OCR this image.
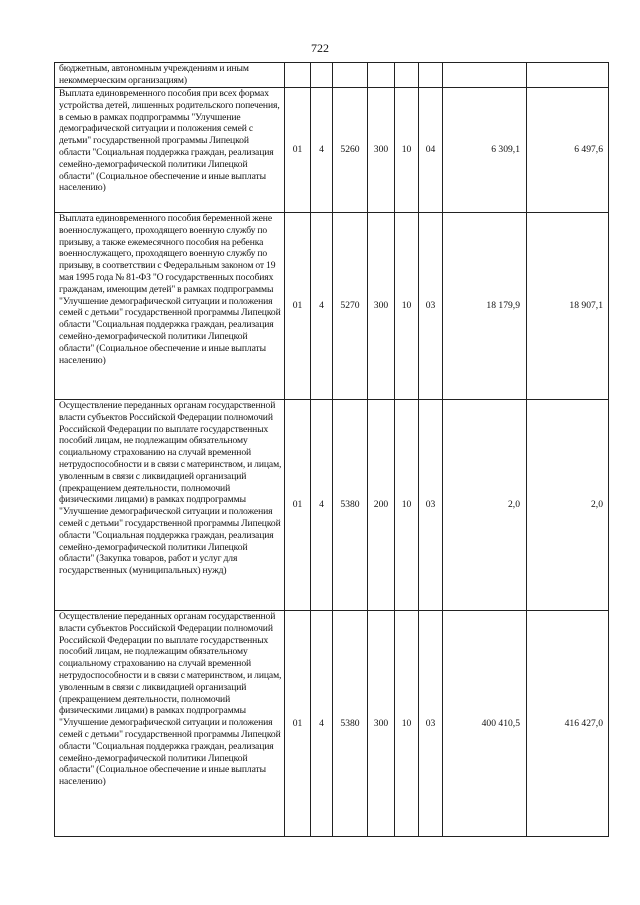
722
бюджетным, автономным учреждениям и иным некоммерческим организациям)								
Выплата единовременного пособия при всех формах устройства детей, лишенных родительского попечения, в семью в рамках подпрограммы "Улучшение демографической ситуации и положения семей с детьми" государственной программы Липецкой области "Социальная поддержка граждан, реализация семейно-демографической политики Липецкой области" (Социальное обеспечение и иные выплаты населению)	01	4	5260	300	10	04	6 309,1	6 497,6
Выплата единовременного пособия беременной жене военнослужащего, проходящего военную службу по призыву, а также ежемесячного пособия на ребенка военнослужащего, проходящего военную службу по призыву, в соответствии с Федеральным законом от 19 мая 1995 года № 81-ФЗ "О государственных пособиях гражданам, имеющим детей" в рамках подпрограммы "Улучшение демографической ситуации и положения семей с детьми" государственной программы Липецкой области "Социальная поддержка граждан, реализация семейно-демографической политики Липецкой области" (Социальное обеспечение и иные выплаты населению)	01	4	5270	300	10	03	18 179,9	18 907,1
Осуществление переданных органам государственной власти субъектов Российской Федерации полномочий Российской Федерации по выплате государственных пособий лицам, не подлежащим обязательному социальному страхованию на случай временной нетрудоспособности и в связи с материнством, и лицам, уволенным в связи с ликвидацией организаций (прекращением деятельности, полномочий физическими лицами) в рамках подпрограммы "Улучшение демографической ситуации и положения семей с детьми" государственной программы Липецкой области "Социальная поддержка граждан, реализация семейно-демографической политики Липецкой области" (Закупка товаров, работ и услуг для государственных (муниципальных) нужд)	01	4	5380	200	10	03	2,0	2,0
Осуществление переданных органам государственной власти субъектов Российской Федерации полномочий Российской Федерации по выплате государственных пособий лицам, не подлежащим обязательному социальному страхованию на случай временной нетрудоспособности и в связи с материнством, и лицам, уволенным в связи с ликвидацией организаций (прекращением деятельности, полномочий физическими лицами) в рамках подпрограммы "Улучшение демографической ситуации и положения семей с детьми" государственной программы Липецкой области "Социальная поддержка граждан, реализация семейно-демографической политики Липецкой области" (Социальное обеспечение и иные выплаты населению)	01	4	5380	300	10	03	400 410,5	416 427,0
